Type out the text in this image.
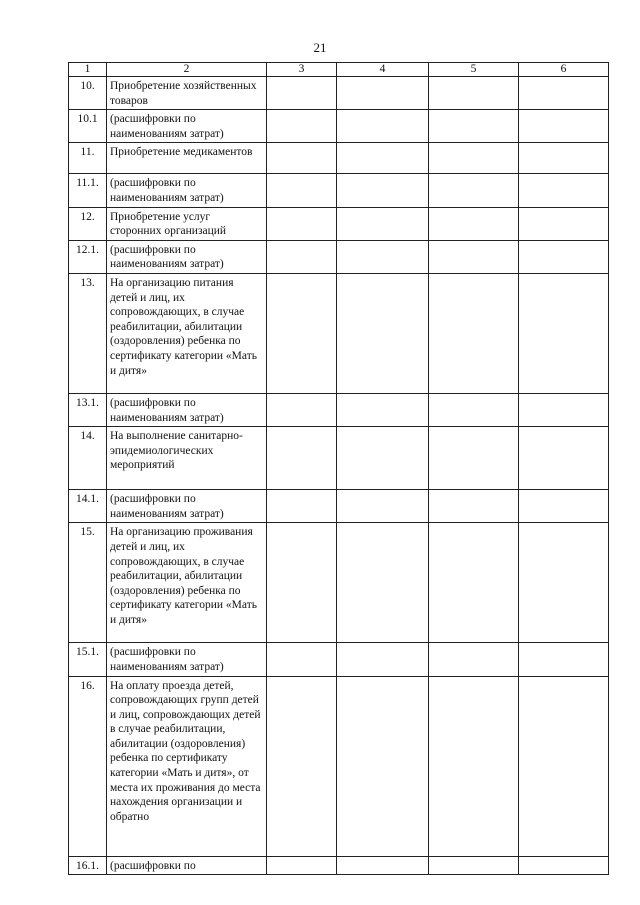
21
1	2	3	4	5	6
10.	Приобретение хозяйственных товаров				
10.1	(расшифровки по наименованиям затрат)				
11.	Приобретение медикаментов				
11.1.	(расшифровки по наименованиям затрат)				
12.	Приобретение услуг сторонних организаций				
12.1.	(расшифровки по наименованиям затрат)				
13.	На организацию питания детей и лиц, их сопровождающих, в случае реабилитации, абилитации (оздоровления) ребенка по сертификату категории «Мать и дитя»				
13.1.	(расшифровки по наименованиям затрат)				
14.	На выполнение санитарно-эпидемиологических мероприятий				
14.1.	(расшифровки по наименованиям затрат)				
15.	На организацию проживания детей и лиц, их сопровождающих, в случае реабилитации, абилитации (оздоровления) ребенка по сертификату категории «Мать и дитя»				
15.1.	(расшифровки по наименованиям затрат)				
16.	На оплату проезда детей, сопровождающих групп детей и лиц, сопровождающих детей в случае реабилитации, абилитации (оздоровления) ребенка по сертификату категории «Мать и дитя», от места их проживания до места нахождения организации и обратно				
16.1.	(расшифровки по				
